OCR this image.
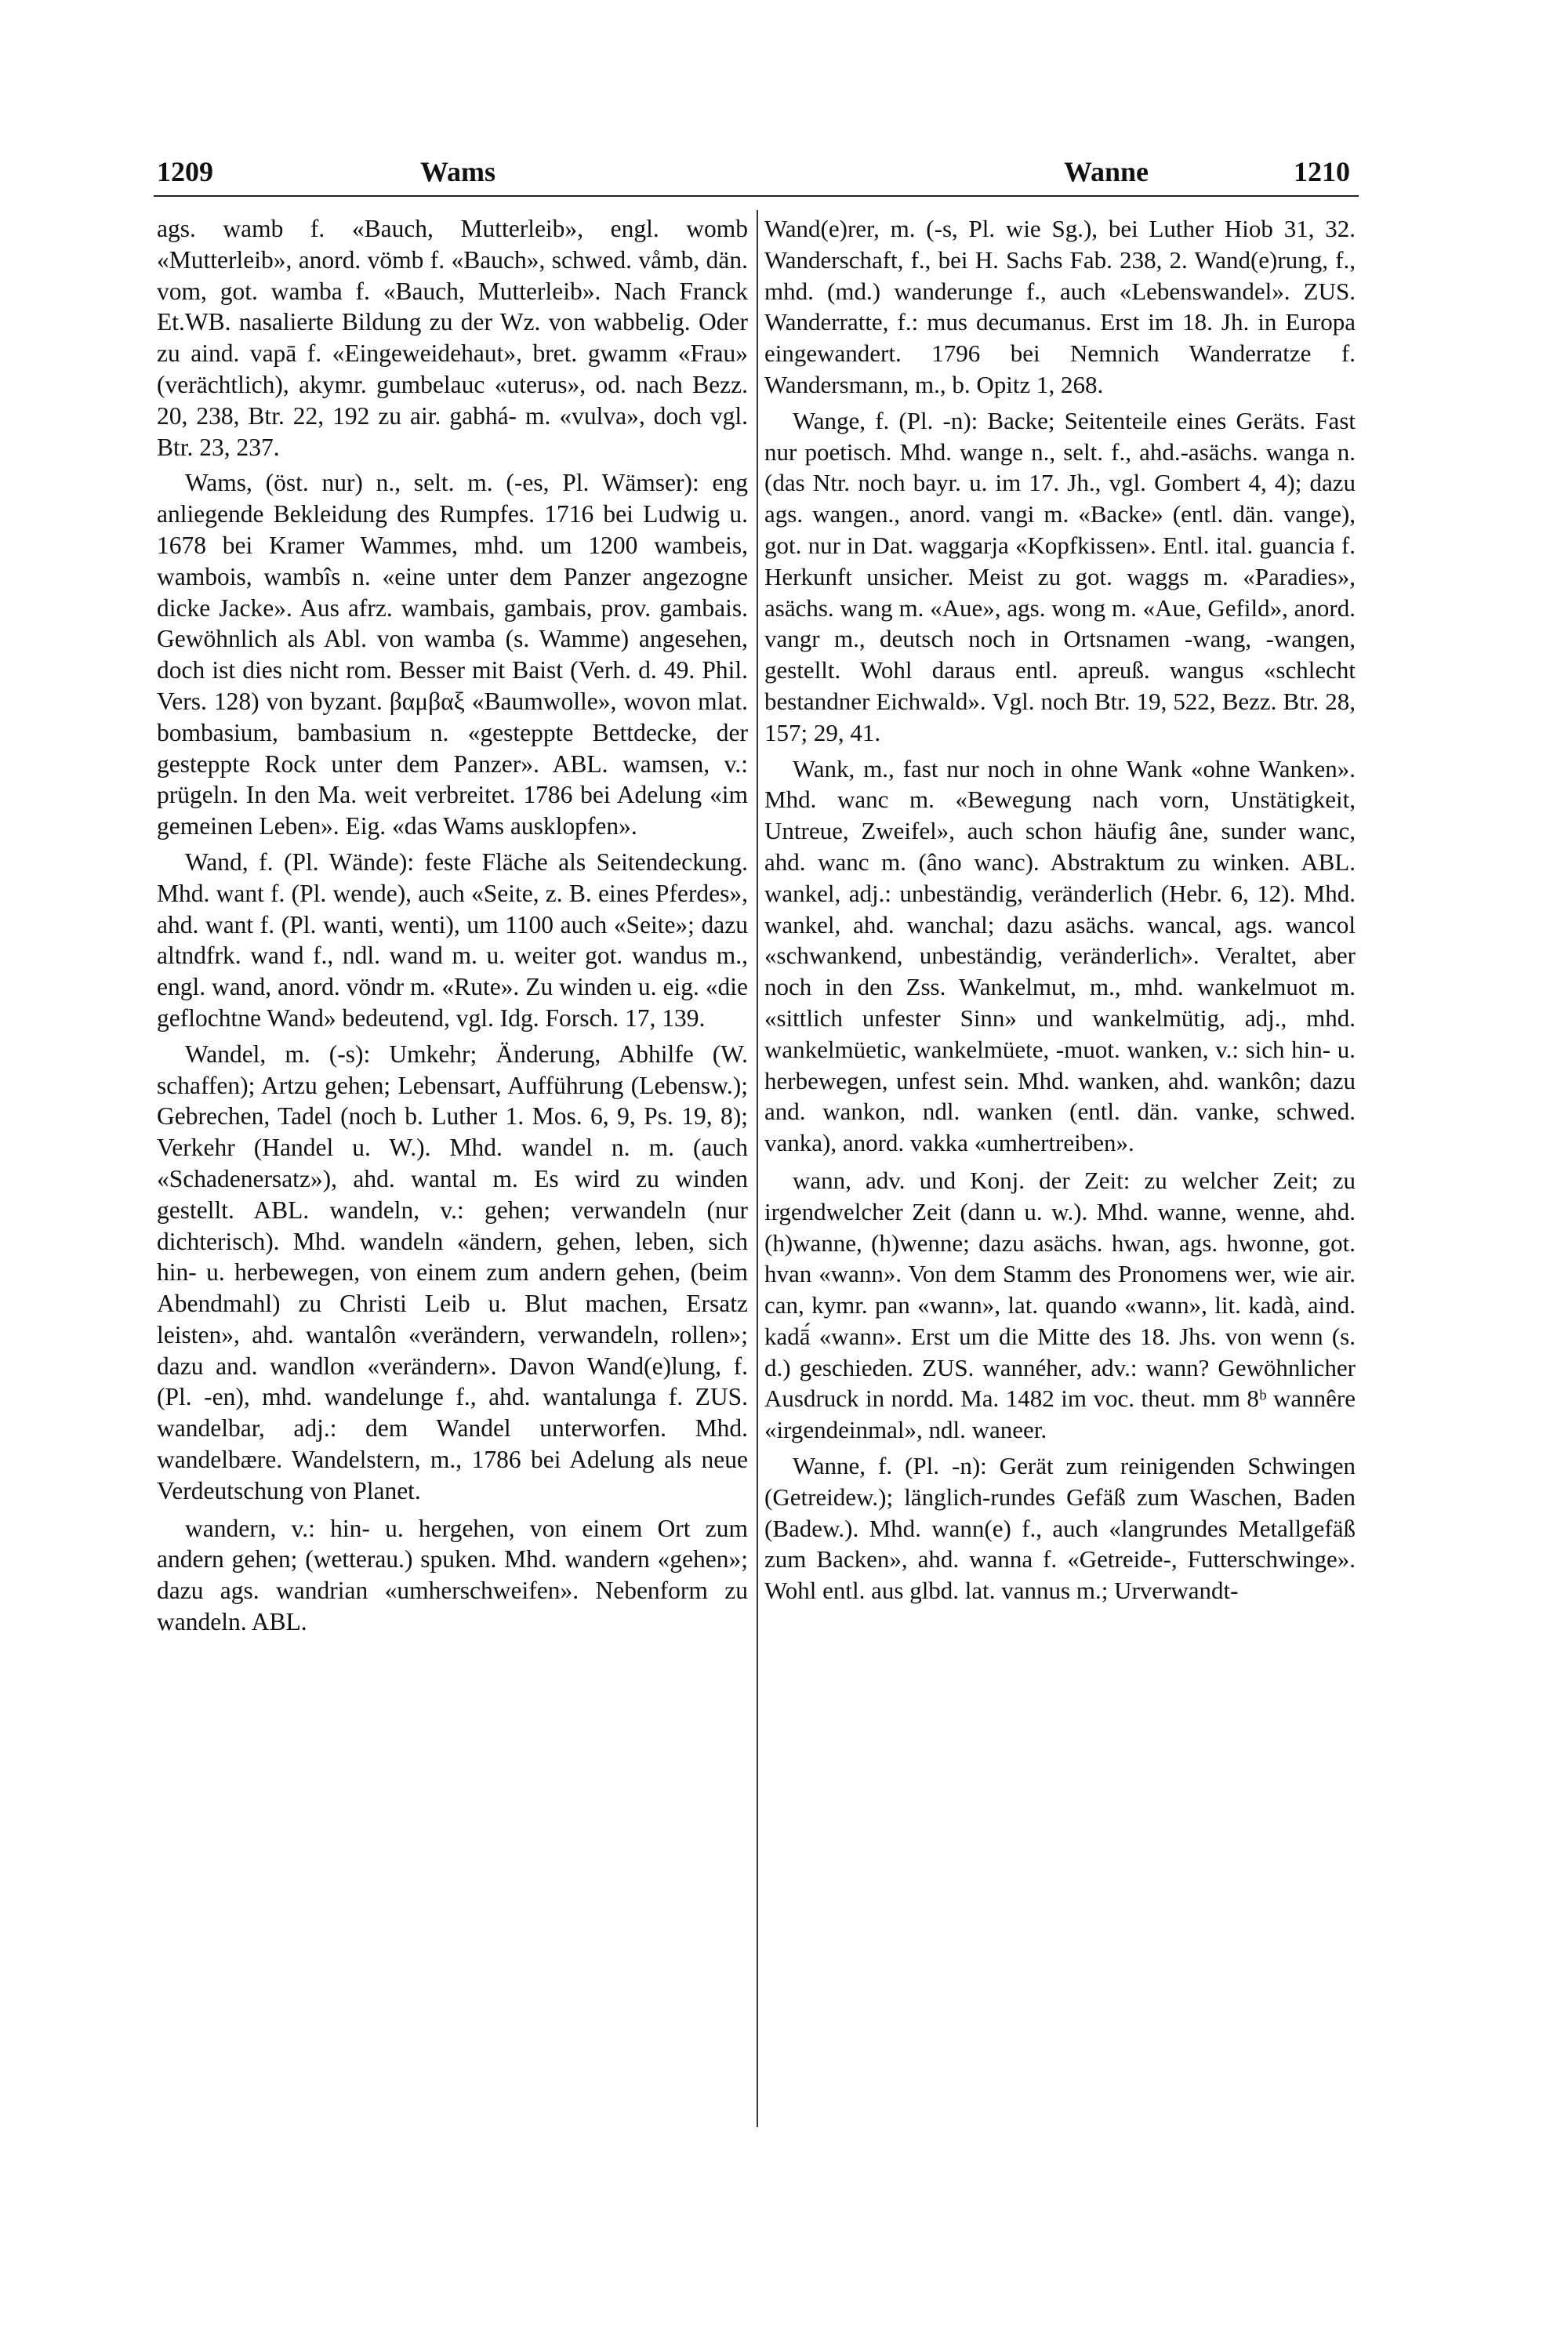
1209	Wams	Wanne	1210

ags. wamb f. «Bauch, Mutterleib», engl. womb «Mutterleib», anord. vömb f. «Bauch», schwed. våmb, dän. vom, got. wamba f. «Bauch, Mutterleib». Nach Franck Et.WB. nasalierte Bildung zu der Wz. von wabbelig. Oder zu aind. vapā f. «Eingeweidehaut», bret. gwamm «Frau» (verächtlich), akymr. gumbelauc «uterus», od. nach Bezz. 20, 238, Btr. 22, 192 zu air. gabhá- m. «vulva», doch vgl. Btr. 23, 237.

Wams, (öst. nur) n., selt. m. (-es, Pl. Wämser): eng anliegende Bekleidung des Rumpfes. 1716 bei Ludwig u. 1678 bei Kramer Wammes, mhd. um 1200 wambeis, wambois, wambîs n. «eine unter dem Panzer angezogne dicke Jacke». Aus afrz. wambais, gambais, prov. gambais. Gewöhnlich als Abl. von wamba (s. Wamme) angesehen, doch ist dies nicht rom. Besser mit Baist (Verh. d. 49. Phil. Vers. 128) von byzant. βαμβαξ «Baumwolle», wovon mlat. bombasium, bambasium n. «gesteppte Bettdecke, der gesteppte Rock unter dem Panzer». ABL. wamsen, v.: prügeln. In den Ma. weit verbreitet. 1786 bei Adelung «im gemeinen Leben». Eig. «das Wams ausklopfen».

Wand, f. (Pl. Wände): feste Fläche als Seitendeckung. Mhd. want f. (Pl. wende), auch «Seite, z. B. eines Pferdes», ahd. want f. (Pl. wanti, wenti), um 1100 auch «Seite»; dazu altndfrk. wand f., ndl. wand m. u. weiter got. wandus m., engl. wand, anord. vöndr m. «Rute». Zu winden u. eig. «die geflochtne Wand» bedeutend, vgl. Idg. Forsch. 17, 139.

Wandel, m. (-s): Umkehr; Änderung, Abhilfe (W. schaffen); Artzu gehen; Lebensart, Aufführung (Lebensw.); Gebrechen, Tadel (noch b. Luther 1. Mos. 6, 9, Ps. 19, 8); Verkehr (Handel u. W.). Mhd. wandel n. m. (auch «Schadenersatz»), ahd. wantal m. Es wird zu winden gestellt. ABL. wandeln, v.: gehen; verwandeln (nur dichterisch). Mhd. wandeln «ändern, gehen, leben, sich hin- u. herbewegen, von einem zum andern gehen, (beim Abendmahl) zu Christi Leib u. Blut machen, Ersatz leisten», ahd. wantalôn «verändern, verwandeln, rollen»; dazu and. wandlon «verändern». Davon Wand(e)lung, f. (Pl. -en), mhd. wandelunge f., ahd. wantalunga f. ZUS. wandelbar, adj.: dem Wandel unterworfen. Mhd. wandelbære. Wandelstern, m., 1786 bei Adelung als neue Verdeutschung von Planet.

wandern, v.: hin- u. hergehen, von einem Ort zum andern gehen; (wetterau.) spuken. Mhd. wandern «gehen»; dazu ags. wandrian «umherschweifen». Nebenform zu wandeln. ABL.

Wand(e)rer, m. (-s, Pl. wie Sg.), bei Luther Hiob 31, 32. Wanderschaft, f., bei H. Sachs Fab. 238, 2. Wand(e)rung, f., mhd. (md.) wanderunge f., auch «Lebenswandel». ZUS. Wanderratte, f.: mus decumanus. Erst im 18. Jh. in Europa eingewandert. 1796 bei Nemnich Wanderratze f. Wandersmann, m., b. Opitz 1, 268.

Wange, f. (Pl. -n): Backe; Seitenteile eines Geräts. Fast nur poetisch. Mhd. wange n., selt. f., ahd.-asächs. wanga n. (das Ntr. noch bayr. u. im 17. Jh., vgl. Gombert 4, 4); dazu ags. wangen., anord. vangi m. «Backe» (entl. dän. vange), got. nur in Dat. waggarja «Kopfkissen». Entl. ital. guancia f. Herkunft unsicher. Meist zu got. waggs m. «Paradies», asächs. wang m. «Aue», ags. wong m. «Aue, Gefild», anord. vangr m., deutsch noch in Ortsnamen -wang, -wangen, gestellt. Wohl daraus entl. apreuß. wangus «schlecht bestandner Eichwald». Vgl. noch Btr. 19, 522, Bezz. Btr. 28, 157; 29, 41.

Wank, m., fast nur noch in ohne Wank «ohne Wanken». Mhd. wanc m. «Bewegung nach vorn, Unstätigkeit, Untreue, Zweifel», auch schon häufig âne, sunder wanc, ahd. wanc m. (âno wanc). Abstraktum zu winken. ABL. wankel, adj.: unbeständig, veränderlich (Hebr. 6, 12). Mhd. wankel, ahd. wanchal; dazu asächs. wancal, ags. wancol «schwankend, unbeständig, veränderlich». Veraltet, aber noch in den Zss. Wankelmut, m., mhd. wankelmuot m. «sittlich unfester Sinn» und wankelmütig, adj., mhd. wankelmüetic, wankelmüete, -muot. wanken, v.: sich hin- u. herbewegen, unfest sein. Mhd. wanken, ahd. wankôn; dazu and. wankon, ndl. wanken (entl. dän. vanke, schwed. vanka), anord. vakka «umhertreiben».

wann, adv. und Konj. der Zeit: zu welcher Zeit; zu irgendwelcher Zeit (dann u. w.). Mhd. wanne, wenne, ahd. (h)wanne, (h)wenne; dazu asächs. hwan, ags. hwonne, got. hvan «wann». Von dem Stamm des Pronomens wer, wie air. can, kymr. pan «wann», lat. quando «wann», lit. kadà, aind. kadā́ «wann». Erst um die Mitte des 18. Jhs. von wenn (s. d.) geschieden. ZUS. wannéher, adv.: wann? Gewöhnlicher Ausdruck in nordd. Ma. 1482 im voc. theut. mm 8ᵇ wannêre «irgendeinmal», ndl. waneer.

Wanne, f. (Pl. -n): Gerät zum reinigenden Schwingen (Getreidew.); länglich-rundes Gefäß zum Waschen, Baden (Badew.). Mhd. wann(e) f., auch «langrundes Metallgefäß zum Backen», ahd. wanna f. «Getreide-, Futterschwinge». Wohl entl. aus glbd. lat. vannus m.; Urverwandt-
